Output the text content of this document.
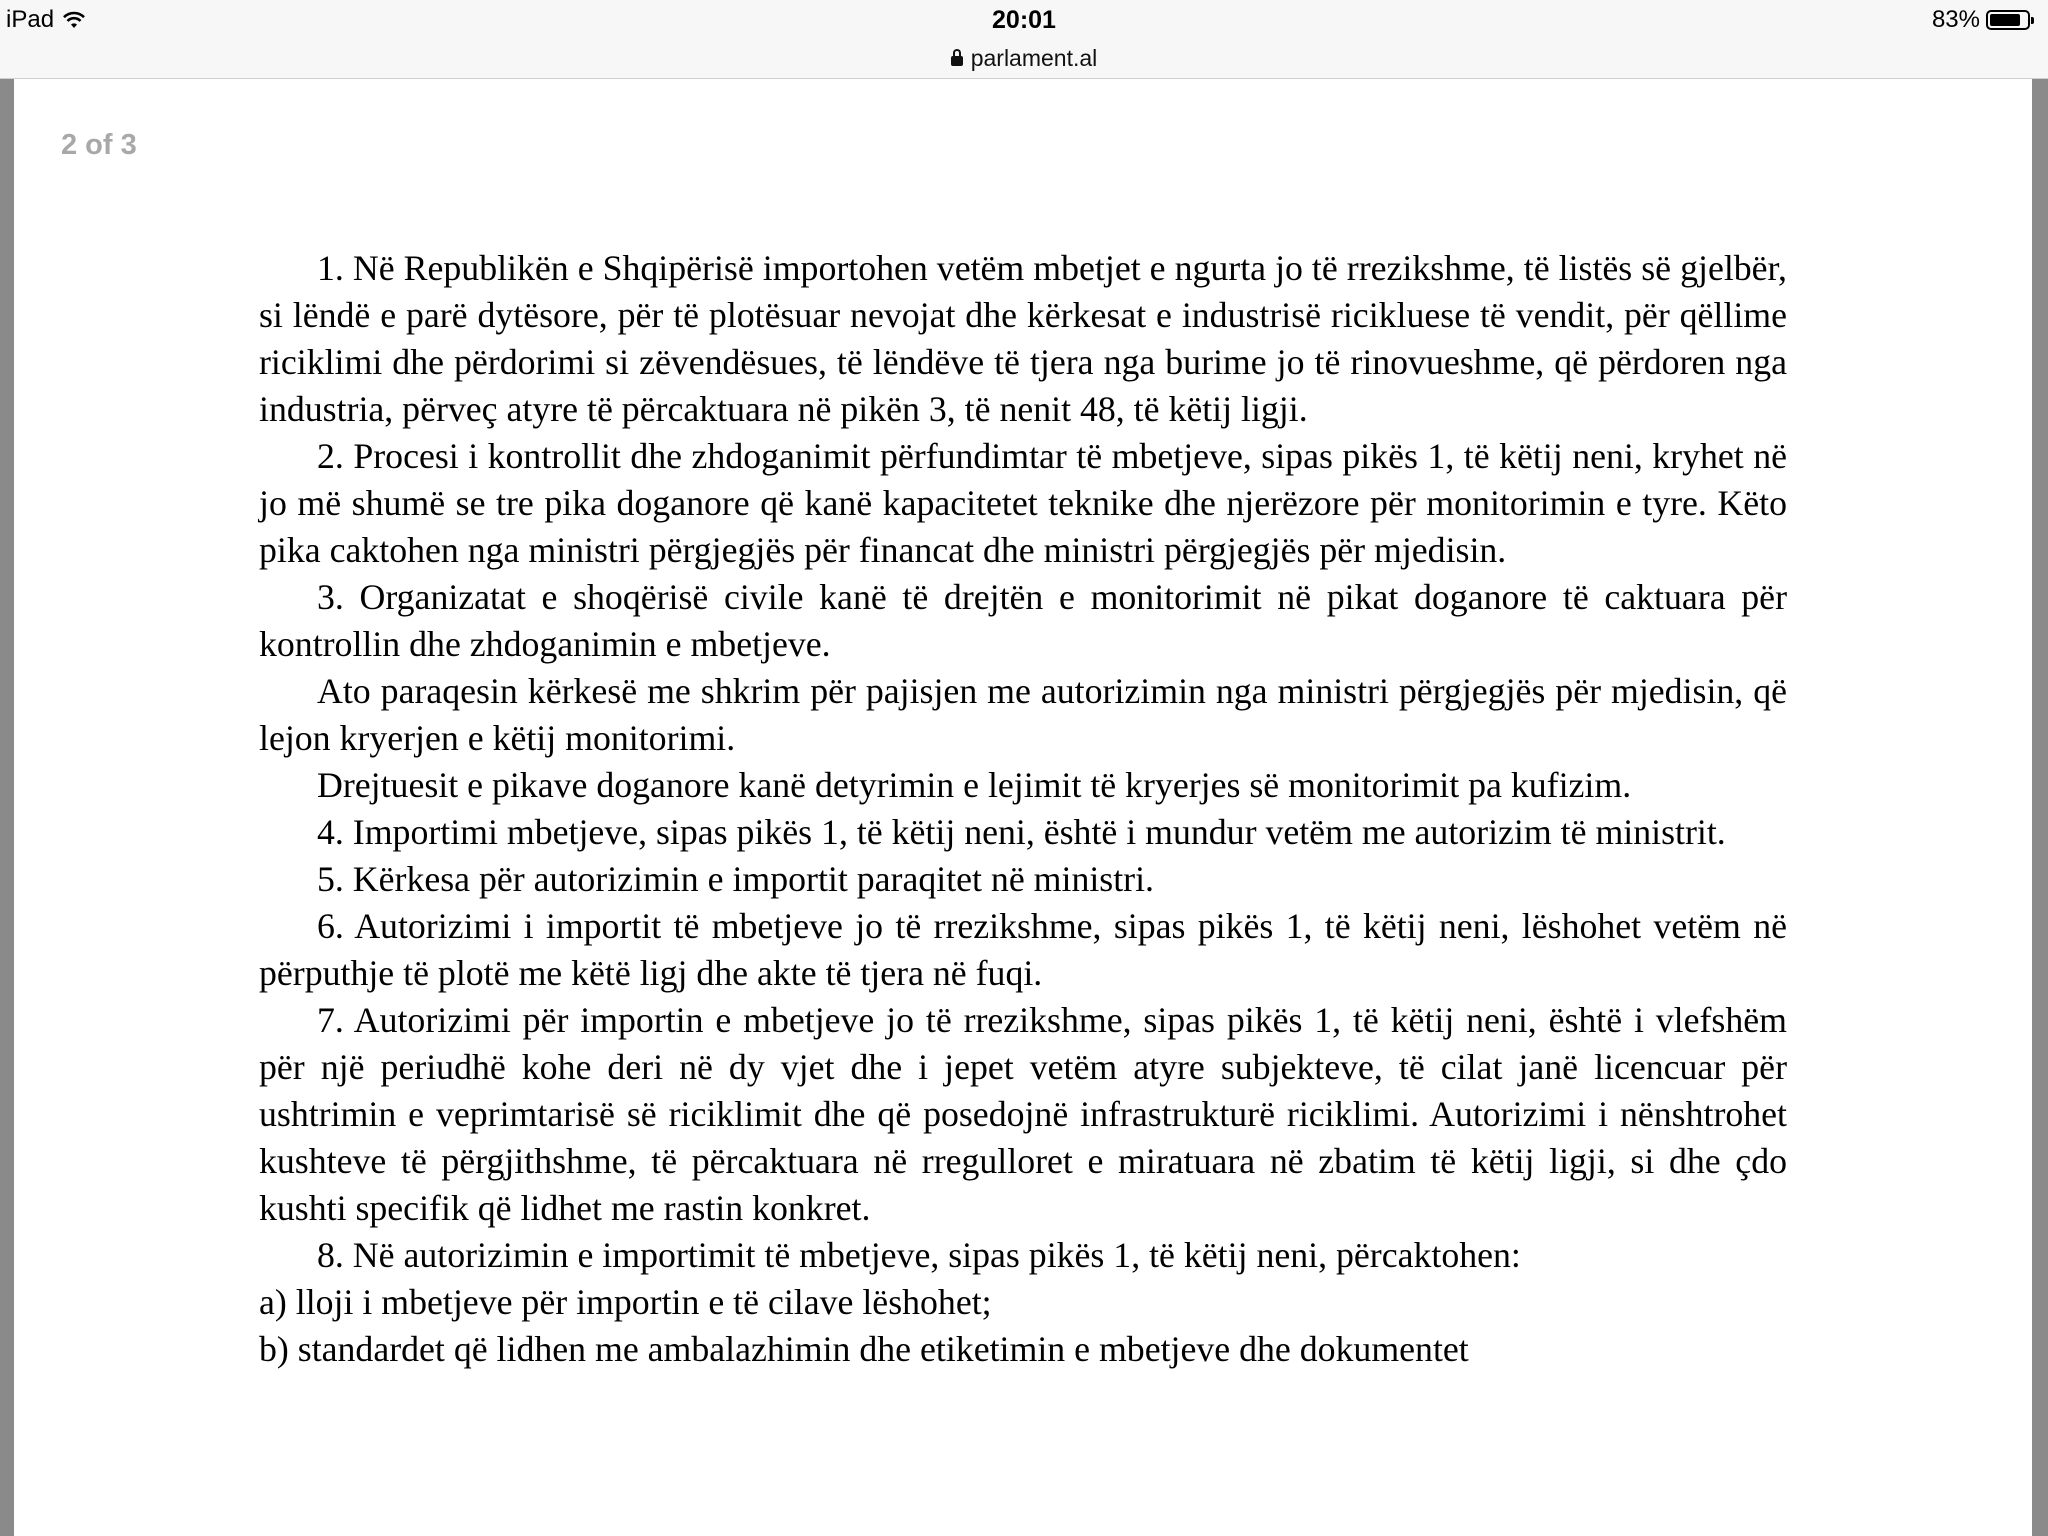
iPad	20:01	83%
parlament.al
2 of 3

1. Në Republikën e Shqipërisë importohen vetëm mbetjet e ngurta jo të rrezikshme, të listës së gjelbër, si lëndë e parë dytësore, për të plotësuar nevojat dhe kërkesat e industrisë ricikluese të vendit, për qëllime riciklimi dhe përdorimi si zëvendësues, të lëndëve të tjera nga burime jo të rinovueshme, që përdoren nga industria, përveç atyre të përcaktuara në pikën 3, të nenit 48, të këtij ligji.

2. Procesi i kontrollit dhe zhdoganimit përfundimtar të mbetjeve, sipas pikës 1, të këtij neni, kryhet në jo më shumë se tre pika doganore që kanë kapacitetet teknike dhe njerëzore për monitorimin e tyre. Këto pika caktohen nga ministri përgjegjës për financat dhe ministri përgjegjës për mjedisin.

3. Organizatat e shoqërisë civile kanë të drejtën e monitorimit në pikat doganore të caktuara për kontrollin dhe zhdoganimin e mbetjeve.

Ato paraqesin kërkesë me shkrim për pajisjen me autorizimin nga ministri përgjegjës për mjedisin, që lejon kryerjen e këtij monitorimi.

Drejtuesit e pikave doganore kanë detyrimin e lejimit të kryerjes së monitorimit pa kufizim.

4. Importimi mbetjeve, sipas pikës 1, të këtij neni, është i mundur vetëm me autorizim të ministrit.

5. Kërkesa për autorizimin e importit paraqitet në ministri.

6. Autorizimi i importit të mbetjeve jo të rrezikshme, sipas pikës 1, të këtij neni, lëshohet vetëm në përputhje të plotë me këtë ligj dhe akte të tjera në fuqi.

7. Autorizimi për importin e mbetjeve jo të rrezikshme, sipas pikës 1, të këtij neni, është i vlefshëm për një periudhë kohe deri në dy vjet dhe i jepet vetëm atyre subjekteve, të cilat janë licencuar për ushtrimin e veprimtarisë së riciklimit dhe që posedojnë infrastrukturë riciklimi. Autorizimi i nënshtrohet kushteve të përgjithshme, të përcaktuara në rregulloret e miratuara në zbatim të këtij ligji, si dhe çdo kushti specifik që lidhet me rastin konkret.

8. Në autorizimin e importimit të mbetjeve, sipas pikës 1, të këtij neni, përcaktohen:

a) lloji i mbetjeve për importin e të cilave lëshohet;

b) standardet që lidhen me ambalazhimin dhe etiketimin e mbetjeve dhe dokumentet
